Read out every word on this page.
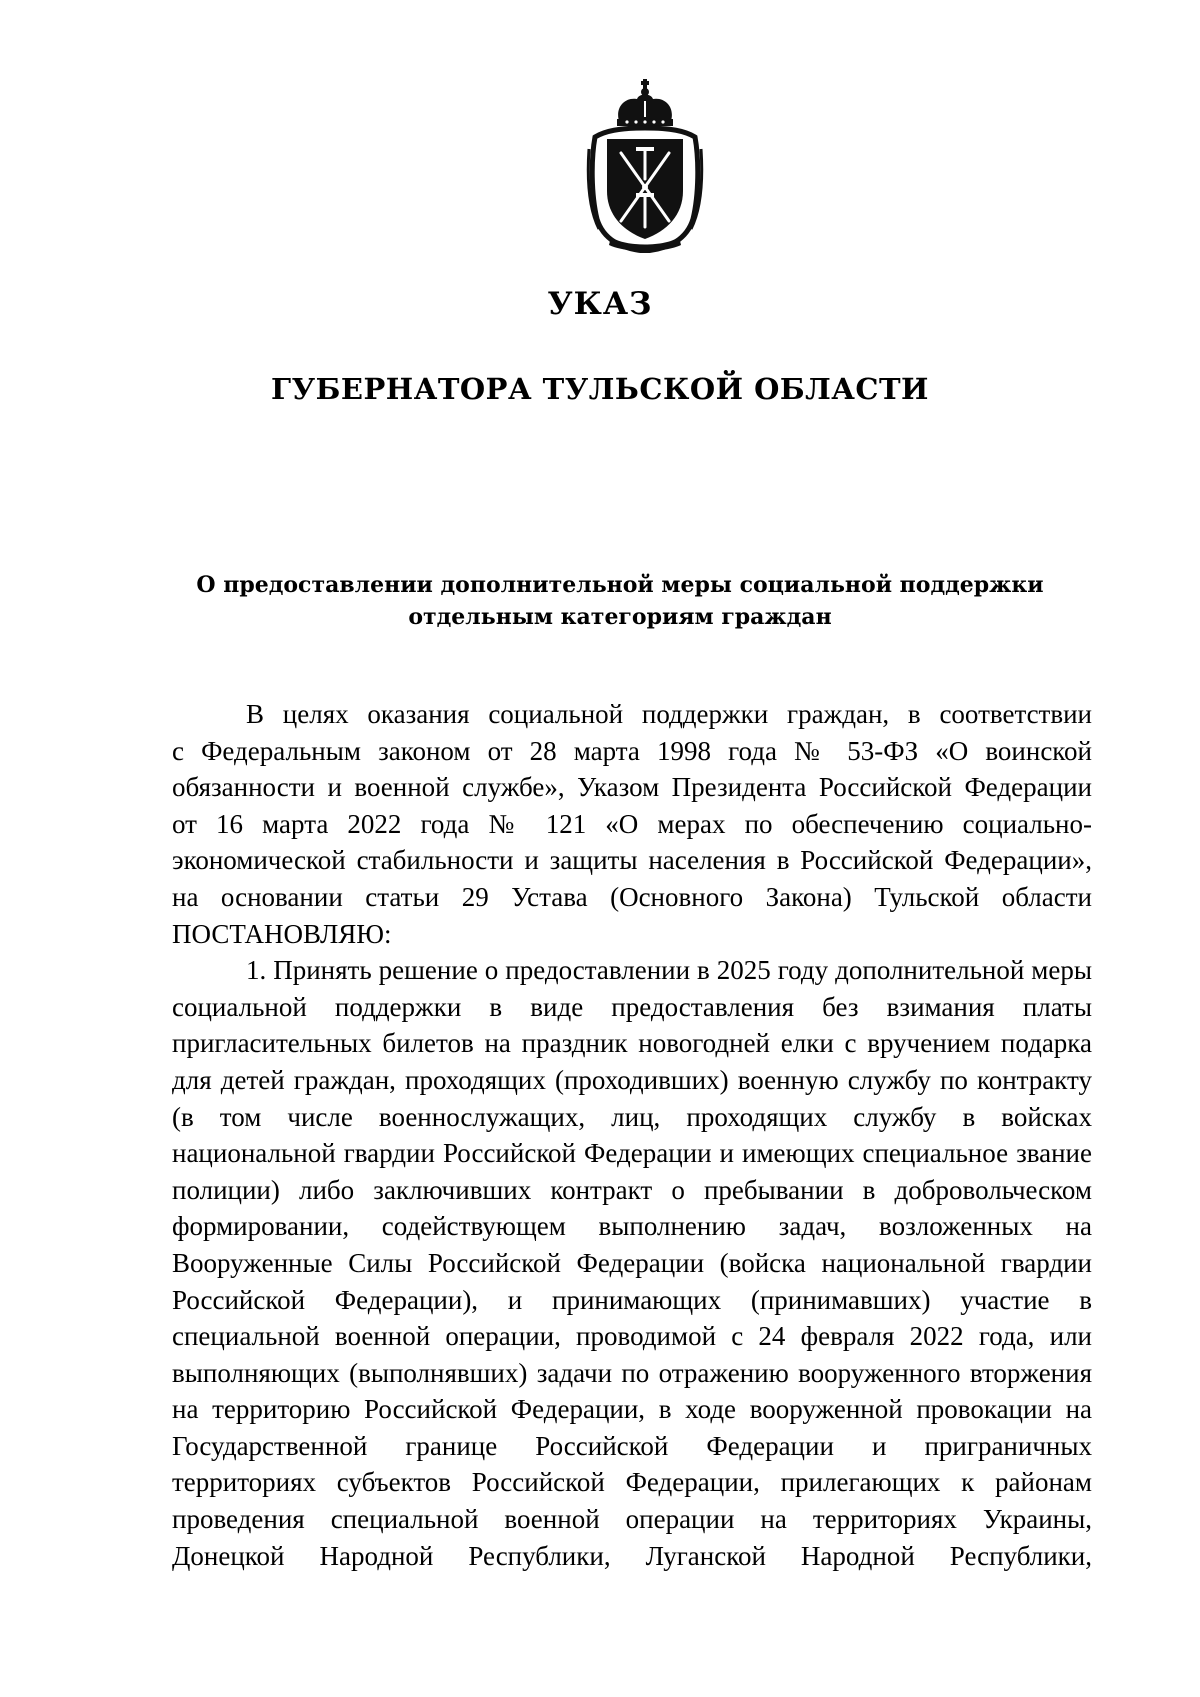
УКАЗ
ГУБЕРНАТОРА ТУЛЬСКОЙ ОБЛАСТИ
О предоставлении дополнительной меры социальной поддержки
отдельным категориям граждан
В целях оказания социальной поддержки граждан, в соответствии
с Федеральным законом от 28 марта 1998 года № 53-ФЗ «О воинской
обязанности и военной службе», Указом Президента Российской Федерации
от 16 марта 2022 года № 121 «О мерах по обеспечению социально-
экономической стабильности и защиты населения в Российской Федерации»,
на основании статьи 29 Устава (Основного Закона) Тульской области
ПОСТАНОВЛЯЮ:
1. Принять решение о предоставлении в 2025 году дополнительной меры
социальной поддержки в виде предоставления без взимания платы
пригласительных билетов на праздник новогодней елки с вручением подарка
для детей граждан, проходящих (проходивших) военную службу по контракту
(в том числе военнослужащих, лиц, проходящих службу в войсках
национальной гвардии Российской Федерации и имеющих специальное звание
полиции) либо заключивших контракт о пребывании в добровольческом
формировании, содействующем выполнению задач, возложенных на
Вооруженные Силы Российской Федерации (войска национальной гвардии
Российской Федерации), и принимающих (принимавших) участие в
специальной военной операции, проводимой с 24 февраля 2022 года, или
выполняющих (выполнявших) задачи по отражению вооруженного вторжения
на территорию Российской Федерации, в ходе вооруженной провокации на
Государственной границе Российской Федерации и приграничных
территориях субъектов Российской Федерации, прилегающих к районам
проведения специальной военной операции на территориях Украины,
Донецкой Народной Республики, Луганской Народной Республики,
